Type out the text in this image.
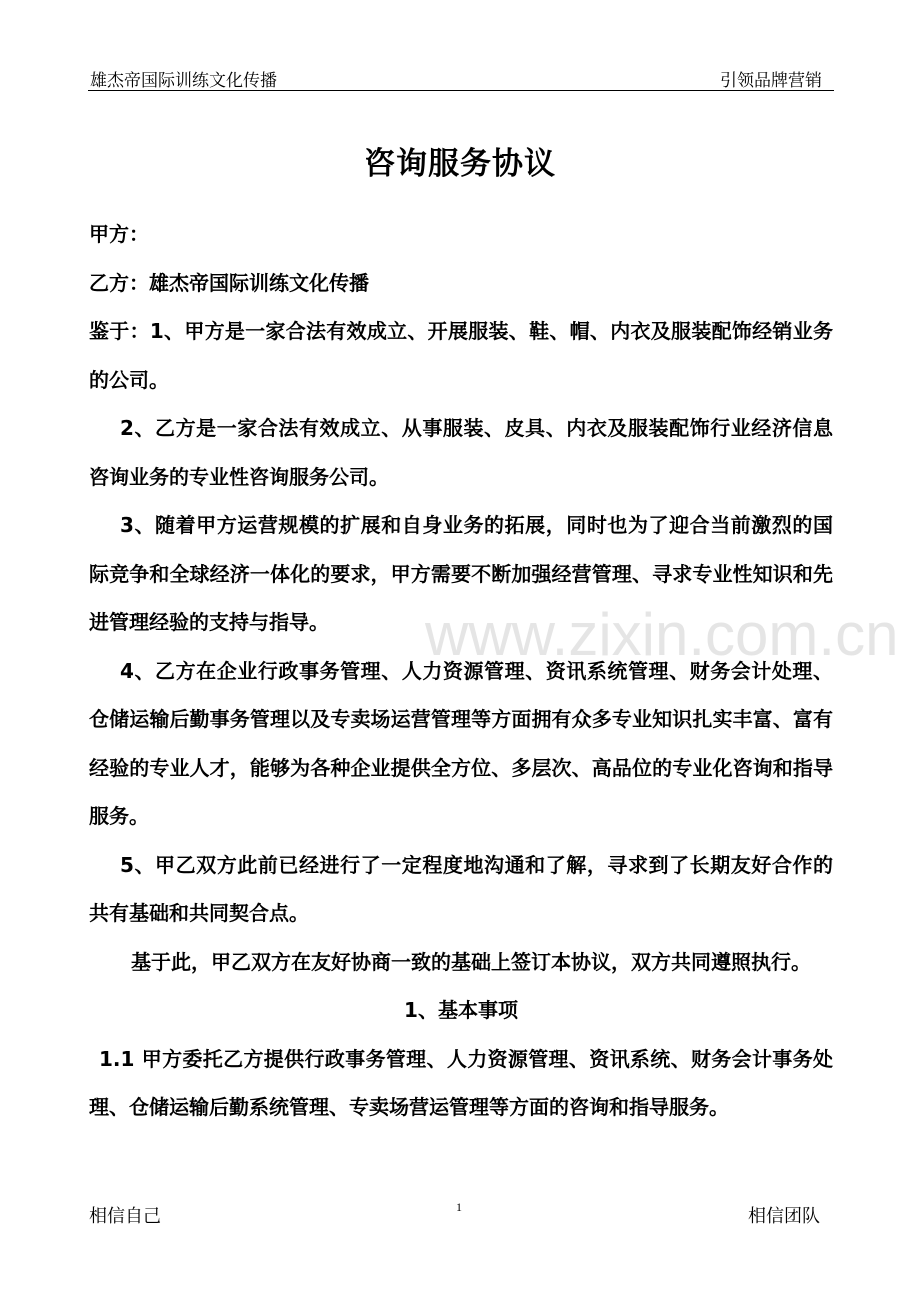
雄杰帝国际训练文化传播	引领品牌营销
咨询服务协议

甲方：

乙方：雄杰帝国际训练文化传播

鉴于：1、甲方是一家合法有效成立、开展服装、鞋、帽、内衣及服装配饰经销业务的公司。

2、乙方是一家合法有效成立、从事服装、皮具、内衣及服装配饰行业经济信息咨询业务的专业性咨询服务公司。

3、随着甲方运营规模的扩展和自身业务的拓展，同时也为了迎合当前激烈的国际竞争和全球经济一体化的要求，甲方需要不断加强经营管理、寻求专业性知识和先进管理经验的支持与指导。

4、乙方在企业行政事务管理、人力资源管理、资讯系统管理、财务会计处理、仓储运输后勤事务管理以及专卖场运营管理等方面拥有众多专业知识扎实丰富、富有经验的专业人才，能够为各种企业提供全方位、多层次、高品位的专业化咨询和指导服务。

5、甲乙双方此前已经进行了一定程度地沟通和了解，寻求到了长期友好合作的共有基础和共同契合点。

基于此，甲乙双方在友好协商一致的基础上签订本协议，双方共同遵照执行。

1、基本事项

1.1 甲方委托乙方提供行政事务管理、人力资源管理、资讯系统、财务会计事务处理、仓储运输后勤系统管理、专卖场营运管理等方面的咨询和指导服务。

www.zixin.com.cn
相信自己	1	相信团队
